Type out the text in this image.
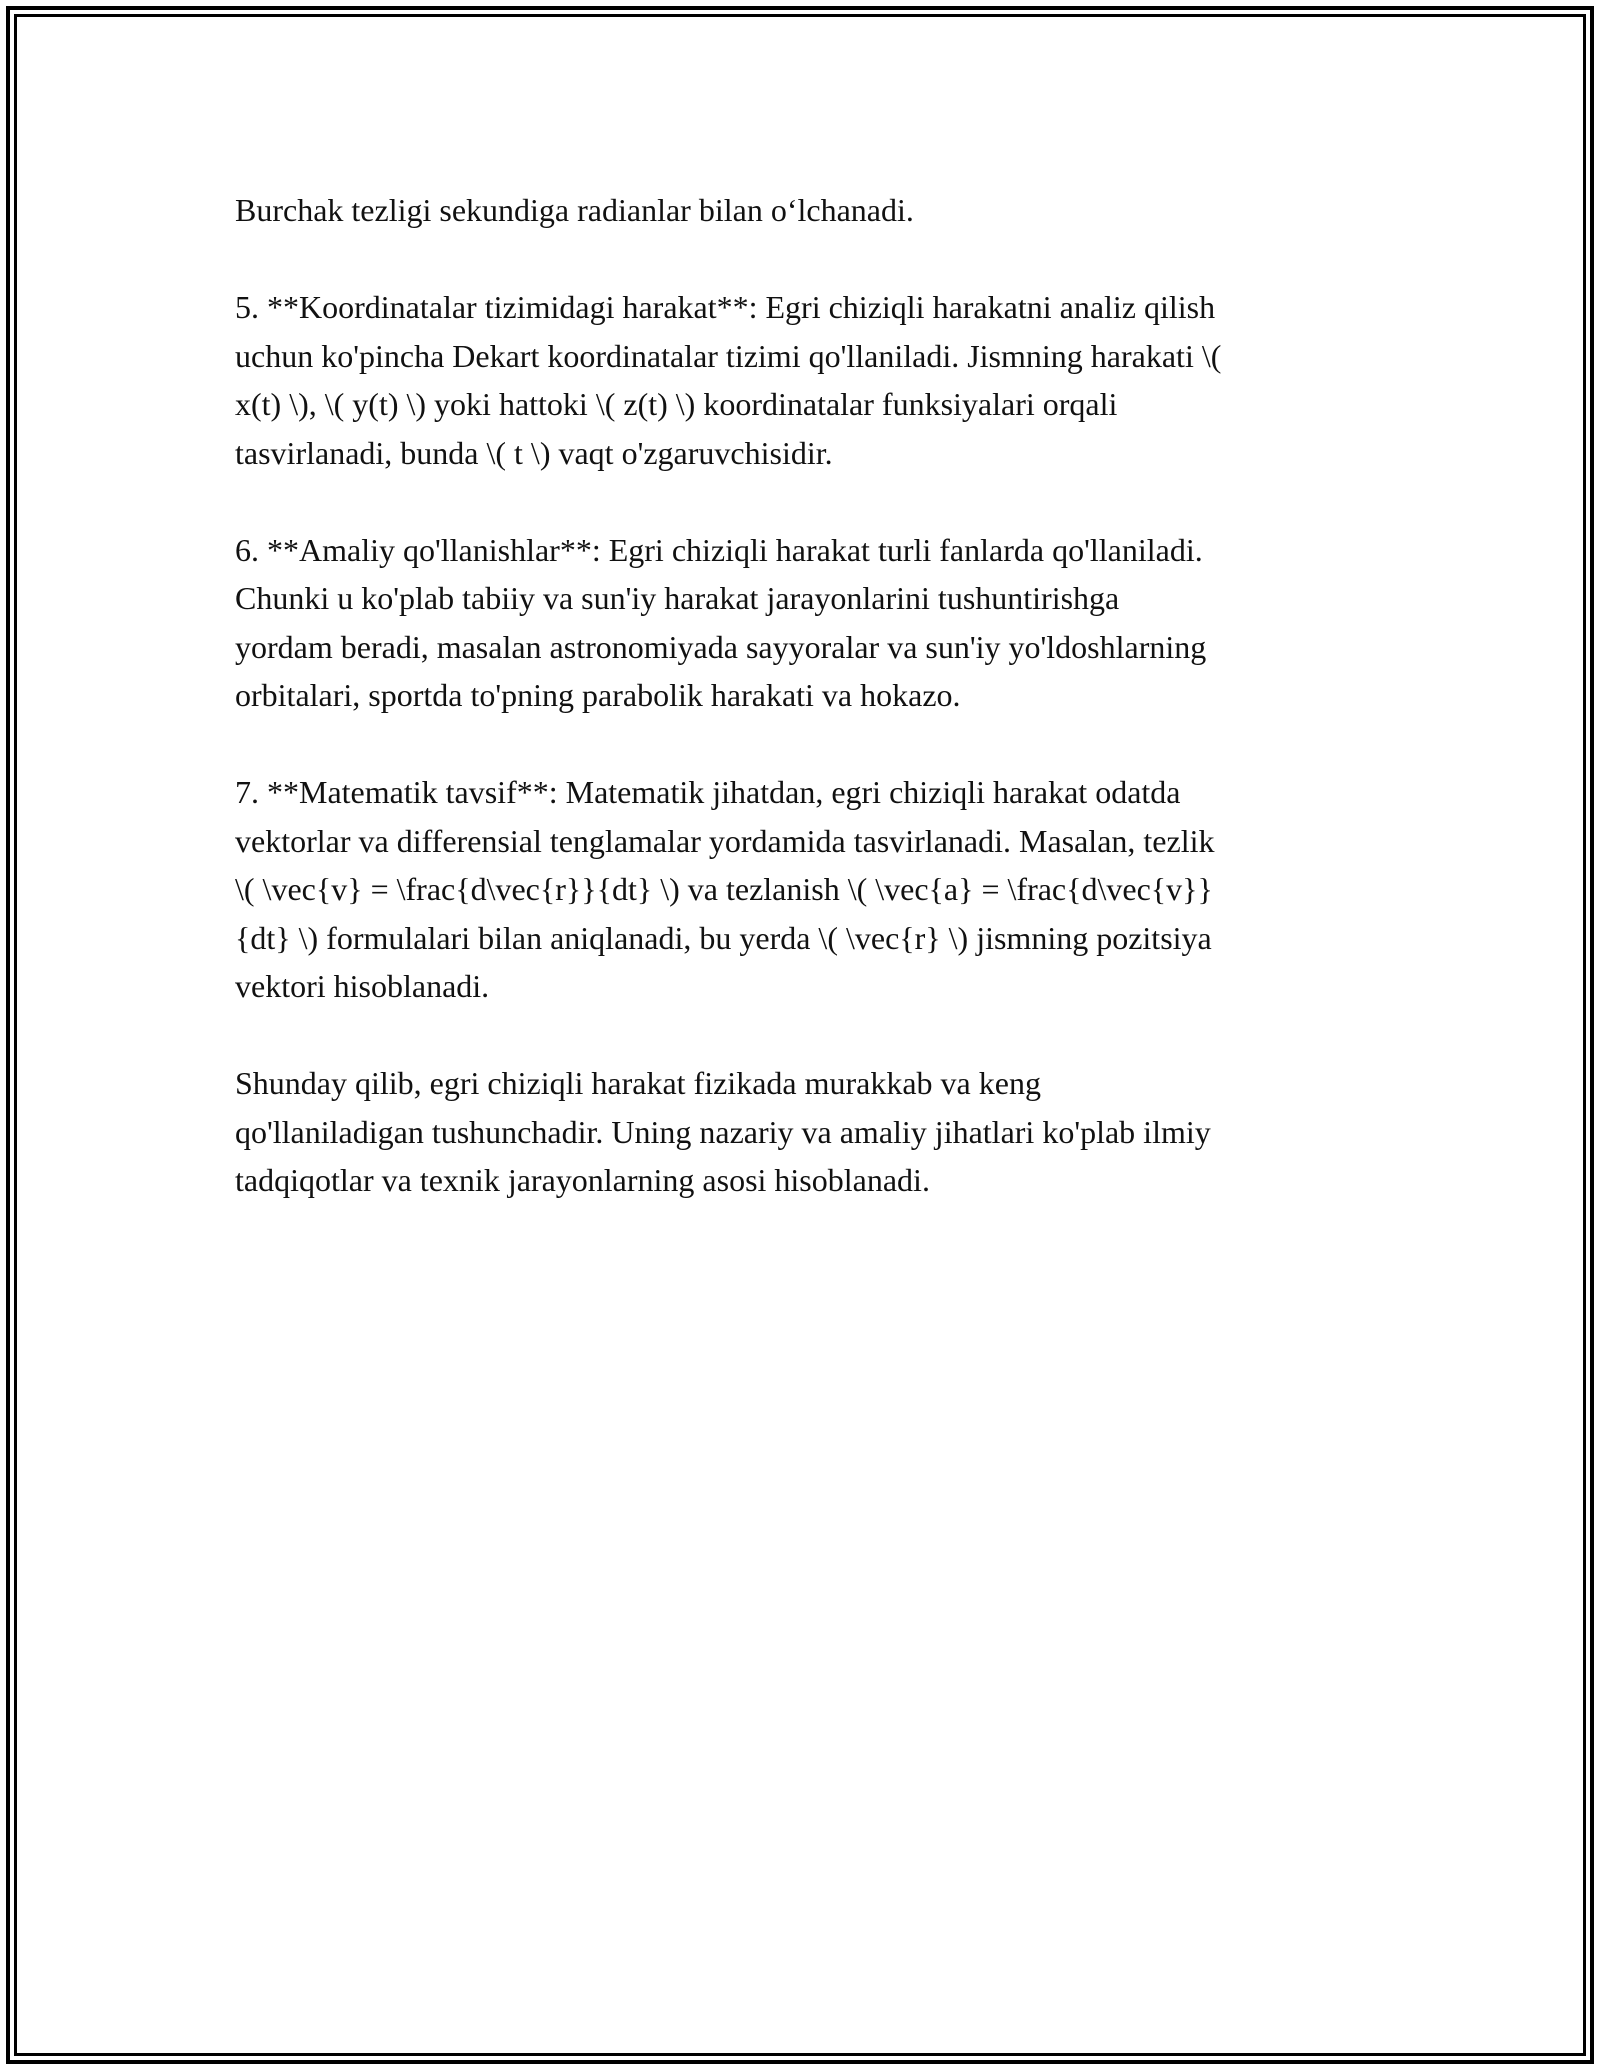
Burchak tezligi sekundiga radianlar bilan o‘lchanadi.

5. **Koordinatalar tizimidagi harakat**: Egri chiziqli harakatni analiz qilish
uchun ko'pincha Dekart koordinatalar tizimi qo'llaniladi. Jismning harakati \(
x(t) \), \( y(t) \) yoki hattoki \( z(t) \) koordinatalar funksiyalari orqali
tasvirlanadi, bunda \( t \) vaqt o'zgaruvchisidir.

6. **Amaliy qo'llanishlar**: Egri chiziqli harakat turli fanlarda qo'llaniladi.
Chunki u ko'plab tabiiy va sun'iy harakat jarayonlarini tushuntirishga
yordam beradi, masalan astronomiyada sayyoralar va sun'iy yo'ldoshlarning
orbitalari, sportda to'pning parabolik harakati va hokazo.

7. **Matematik tavsif**: Matematik jihatdan, egri chiziqli harakat odatda
vektorlar va differensial tenglamalar yordamida tasvirlanadi. Masalan, tezlik
\( \vec{v} = \frac{d\vec{r}}{dt} \) va tezlanish \( \vec{a} = \frac{d\vec{v}}
{dt} \) formulalari bilan aniqlanadi, bu yerda \( \vec{r} \) jismning pozitsiya
vektori hisoblanadi.

Shunday qilib, egri chiziqli harakat fizikada murakkab va keng
qo'llaniladigan tushunchadir. Uning nazariy va amaliy jihatlari ko'plab ilmiy
tadqiqotlar va texnik jarayonlarning asosi hisoblanadi.
